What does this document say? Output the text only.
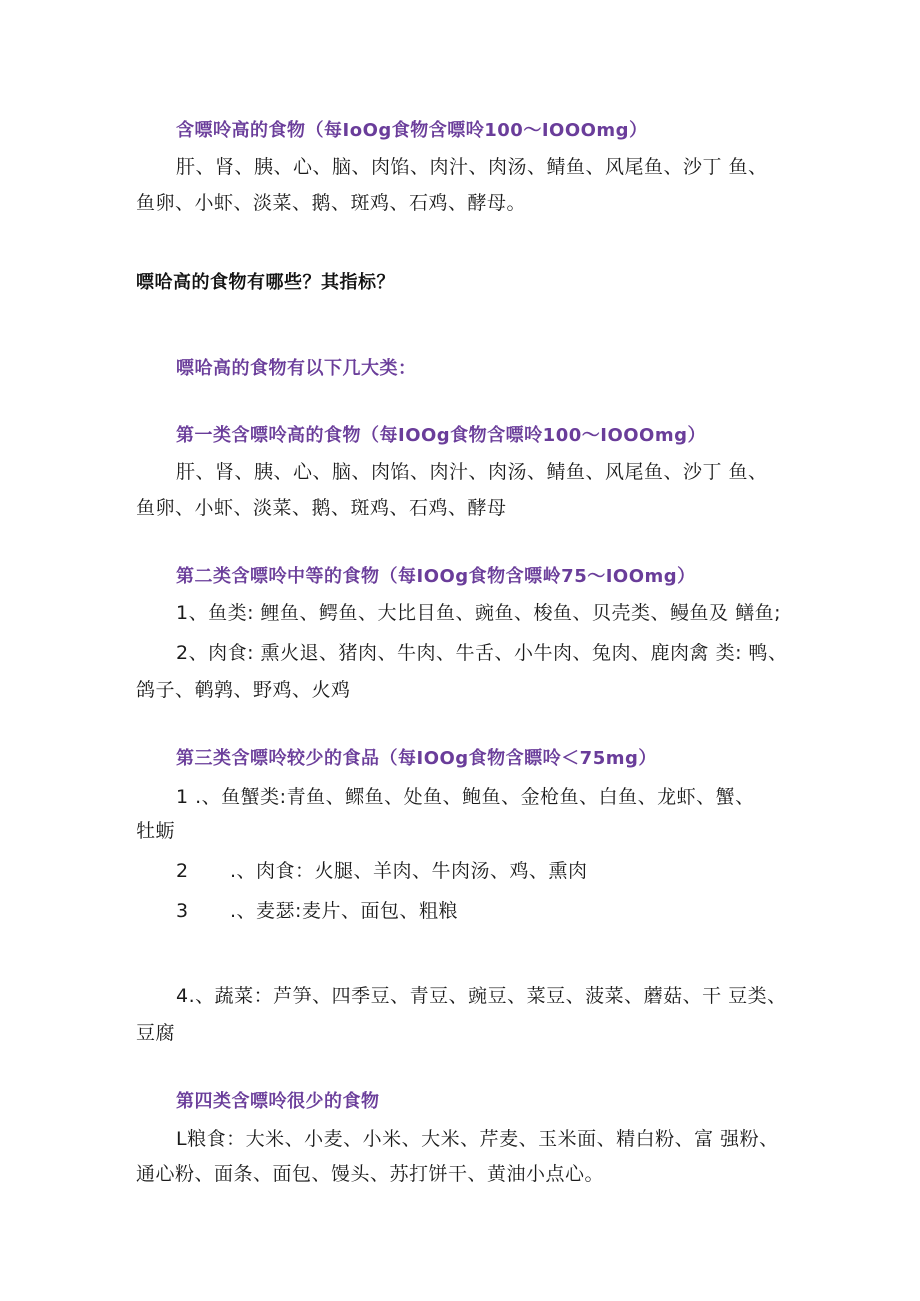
含嘌呤高的食物（每IoOg食物含嘌呤100～IOOOmg）
肝、肾、胰、心、脑、肉馅、肉汁、肉汤、鲭鱼、风尾鱼、沙丁 鱼、
鱼卵、小虾、淡菜、鹅、斑鸡、石鸡、酵母。
嘌哈高的食物有哪些？其指标？
嘌哈高的食物有以下几大类：
第一类含嘌呤高的食物（每IOOg食物含嘌呤100～IOOOmg）
肝、肾、胰、心、脑、肉馅、肉汁、肉汤、鲭鱼、风尾鱼、沙丁 鱼、
鱼卵、小虾、淡菜、鹅、斑鸡、石鸡、酵母
第二类含嘌呤中等的食物（每IOOg食物含嘌岭75～IOOmg）
1、鱼类: 鲤鱼、鳄鱼、大比目鱼、豌鱼、梭鱼、贝壳类、鳗鱼及 鳝鱼;
2、肉食: 熏火退、猪肉、牛肉、牛舌、小牛肉、兔肉、鹿肉禽 类: 鸭、
鸽子、鹌鹑、野鸡、火鸡
第三类含嘌呤较少的食品（每IOOg食物含瞟呤＜75mg）
1 .、鱼蟹类:青鱼、鳏鱼、处鱼、鲍鱼、金枪鱼、白鱼、龙虾、蟹、
牡蛎
2 .、肉食：火腿、羊肉、牛肉汤、鸡、熏肉
3 .、麦瑟:麦片、面包、粗粮
4.、蔬菜：芦笋、四季豆、青豆、豌豆、菜豆、菠菜、蘑菇、干 豆类、
豆腐
第四类含嘌呤很少的食物
L粮食：大米、小麦、小米、大米、芹麦、玉米面、精白粉、富 强粉、
通心粉、面条、面包、馒头、苏打饼干、黄油小点心。
